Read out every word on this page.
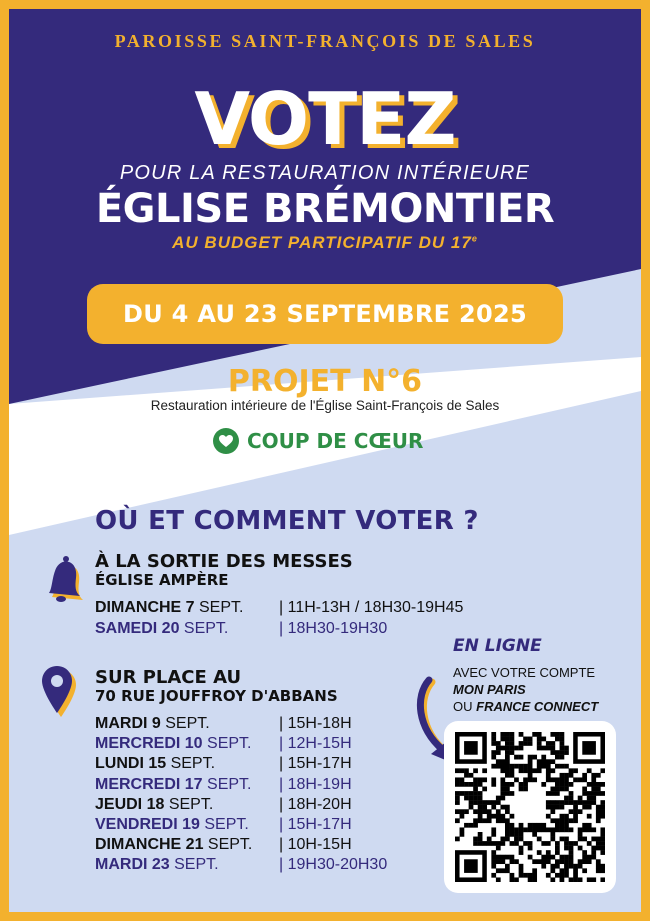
PAROISSE SAINT-FRANÇOIS DE SALES
VOTEZ
POUR LA RESTAURATION INTÉRIEURE
ÉGLISE BRÉMONTIER
AU BUDGET PARTICIPATIF DU 17e
DU 4 AU 23 SEPTEMBRE 2025
PROJET N°6
Restauration intérieure de l'Église Saint-François de Sales
COUP DE CŒUR
OÙ ET COMMENT VOTER ?
À LA SORTIE DES MESSES
ÉGLISE AMPÈRE
DIMANCHE 7 SEPT.	| 11H-13H / 18H30-19H45
SAMEDI 20 SEPT.	| 18H30-19H30
SUR PLACE AU
70 RUE JOUFFROY D'ABBANS
MARDI 9 SEPT.	| 15H-18H
MERCREDI 10 SEPT.	| 12H-15H
LUNDI 15 SEPT.	| 15H-17H
MERCREDI 17 SEPT.	| 18H-19H
JEUDI 18 SEPT.	| 18H-20H
VENDREDI 19 SEPT.	| 15H-17H
DIMANCHE 21 SEPT.	| 10H-15H
MARDI 23 SEPT.	| 19H30-20H30
EN LIGNE
AVEC VOTRE COMPTE
MON PARIS
OU FRANCE CONNECT
